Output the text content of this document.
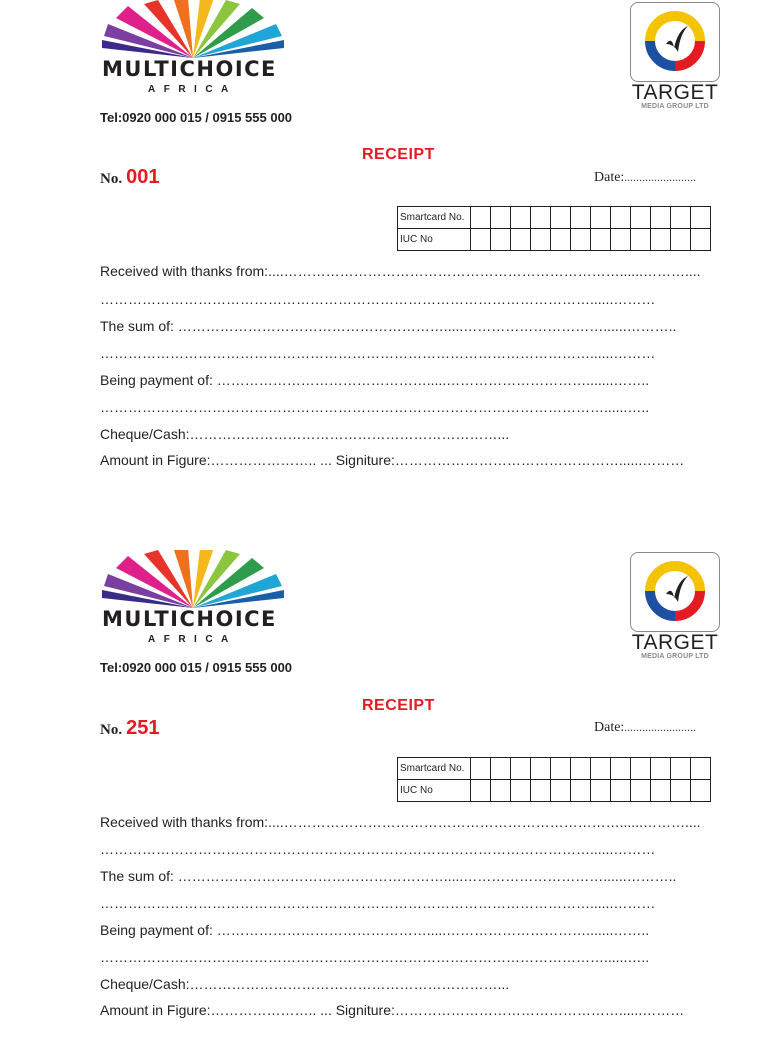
MULTICHOICE
AFRICA
Tel:0920 000 015 / 0915 555 000
TARGET
MEDIA GROUP LTD
RECEIPT
No. 001	Date:........................
Smartcard No.												
IUC No												
Received with thanks from:....………………………………………………………………......………....
……………………………………………………………………………………………......………
The sum of: ………………………………………………….....…………………………......………..
……………………………………………………………………………………………......………
Being payment of: ……………………………………….....………………………….......……..
………………………………………………………………………………………………......…..
Cheque/Cash:…………………………………………………………...
Amount in Figure:………………….. ... Signiture:…………………………………………......………
MULTICHOICE
AFRICA
Tel:0920 000 015 / 0915 555 000
TARGET
MEDIA GROUP LTD
RECEIPT
No. 251	Date:........................
Smartcard No.												
IUC No												
Received with thanks from:....………………………………………………………………......………....
……………………………………………………………………………………………......………
The sum of: ………………………………………………….....…………………………......………..
……………………………………………………………………………………………......………
Being payment of: ……………………………………….....………………………….......……..
………………………………………………………………………………………………......…..
Cheque/Cash:…………………………………………………………...
Amount in Figure:………………….. ... Signiture:…………………………………………......………
